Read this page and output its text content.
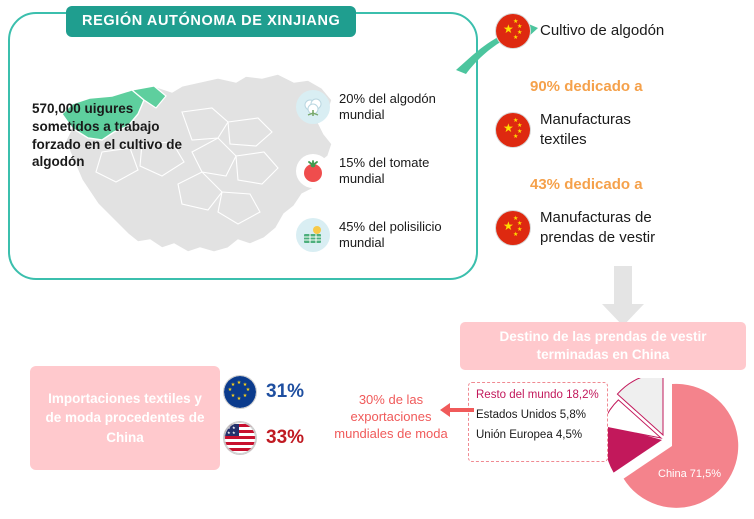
570,000 uigures sometidos a trabajo forzado en el cultivo de algodón
20% del algodón mundial
15% del tomate mundial
45% del polisilicio mundial
REGIÓN AUTÓNOMA DE XINJIANG	★ ★
★
★
★ Cultivo de algodón
90% dedicado a
★ ★
★
★
★
Manufacturas textiles
43% dedicado a
★ ★
★
★
★
Manufacturas de prendas de vestir
Destino de las prendas de vestir terminadas en China
China 71,5%
Resto del mundo 18,2%
Estados Unidos 5,8%
Unión Europea 4,5%
30% de las exportaciones mundiales de moda
Importaciones textiles y de moda procedentes de China
★ ★
★
★
★
★
★
★ 31%
★ ★
★ ★ 33%
